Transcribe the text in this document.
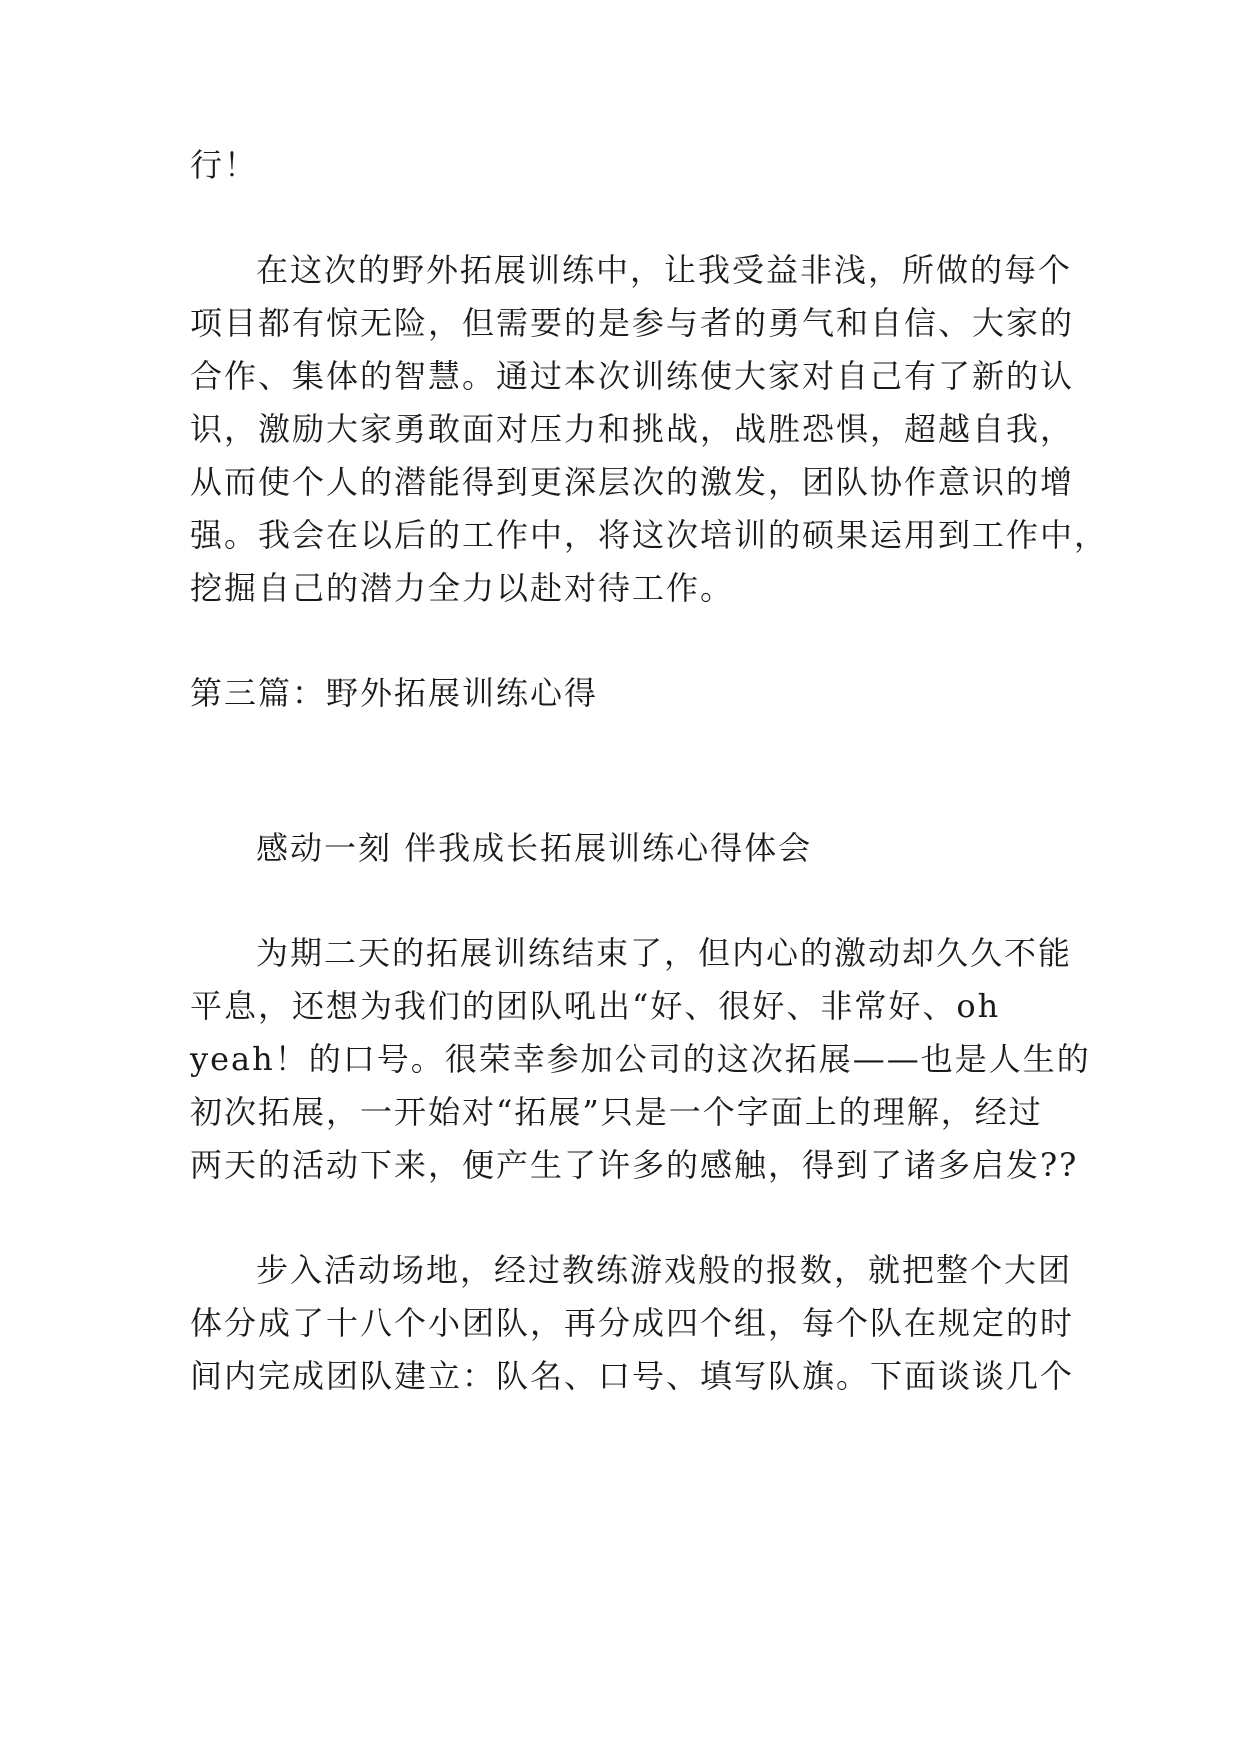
行！
在这次的野外拓展训练中，让我受益非浅，所做的每个
项目都有惊无险，但需要的是参与者的勇气和自信、大家的
合作、集体的智慧。通过本次训练使大家对自己有了新的认
识，激励大家勇敢面对压力和挑战，战胜恐惧，超越自我，
从而使个人的潜能得到更深层次的激发，团队协作意识的增
强。我会在以后的工作中，将这次培训的硕果运用到工作中，
挖掘自己的潜力全力以赴对待工作。
第三篇：野外拓展训练心得
感动一刻 伴我成长拓展训练心得体会
为期二天的拓展训练结束了，但内心的激动却久久不能
平息，还想为我们的团队吼出“好、很好、非常好、oh
yeah！的口号。很荣幸参加公司的这次拓展——也是人生的
初次拓展，一开始对“拓展”只是一个字面上的理解，经过
两天的活动下来，便产生了许多的感触，得到了诸多启发??
步入活动场地，经过教练游戏般的报数，就把整个大团
体分成了十八个小团队，再分成四个组，每个队在规定的时
间内完成团队建立：队名、口号、填写队旗。下面谈谈几个
